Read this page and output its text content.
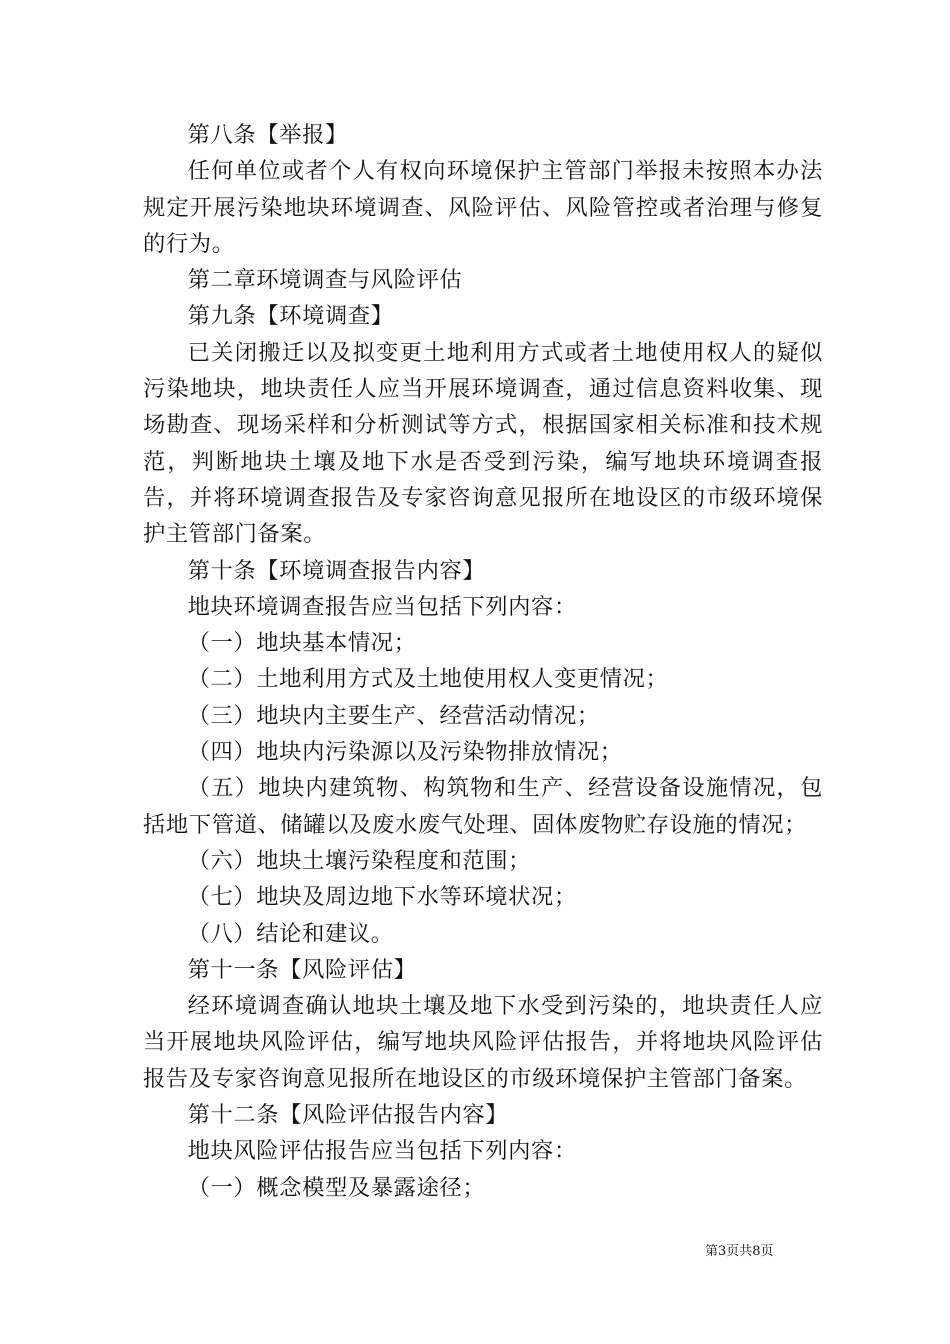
第八条【举报】

任何单位或者个人有权向环境保护主管部门举报未按照本办法规定开展污染地块环境调查、风险评估、风险管控或者治理与修复的行为。

第二章环境调查与风险评估

第九条【环境调查】

已关闭搬迁以及拟变更土地利用方式或者土地使用权人的疑似污染地块，地块责任人应当开展环境调查，通过信息资料收集、现场勘查、现场采样和分析测试等方式，根据国家相关标准和技术规范，判断地块土壤及地下水是否受到污染，编写地块环境调查报告，并将环境调查报告及专家咨询意见报所在地设区的市级环境保护主管部门备案。

第十条【环境调查报告内容】

地块环境调查报告应当包括下列内容：

（一）地块基本情况；

（二）土地利用方式及土地使用权人变更情况；

（三）地块内主要生产、经营活动情况；

（四）地块内污染源以及污染物排放情况；

（五）地块内建筑物、构筑物和生产、经营设备设施情况，包括地下管道、储罐以及废水废气处理、固体废物贮存设施的情况；

（六）地块土壤污染程度和范围；

（七）地块及周边地下水等环境状况；

（八）结论和建议。

第十一条【风险评估】

经环境调查确认地块土壤及地下水受到污染的，地块责任人应当开展地块风险评估，编写地块风险评估报告，并将地块风险评估报告及专家咨询意见报所在地设区的市级环境保护主管部门备案。

第十二条【风险评估报告内容】

地块风险评估报告应当包括下列内容：

（一）概念模型及暴露途径；

第3页共8页
